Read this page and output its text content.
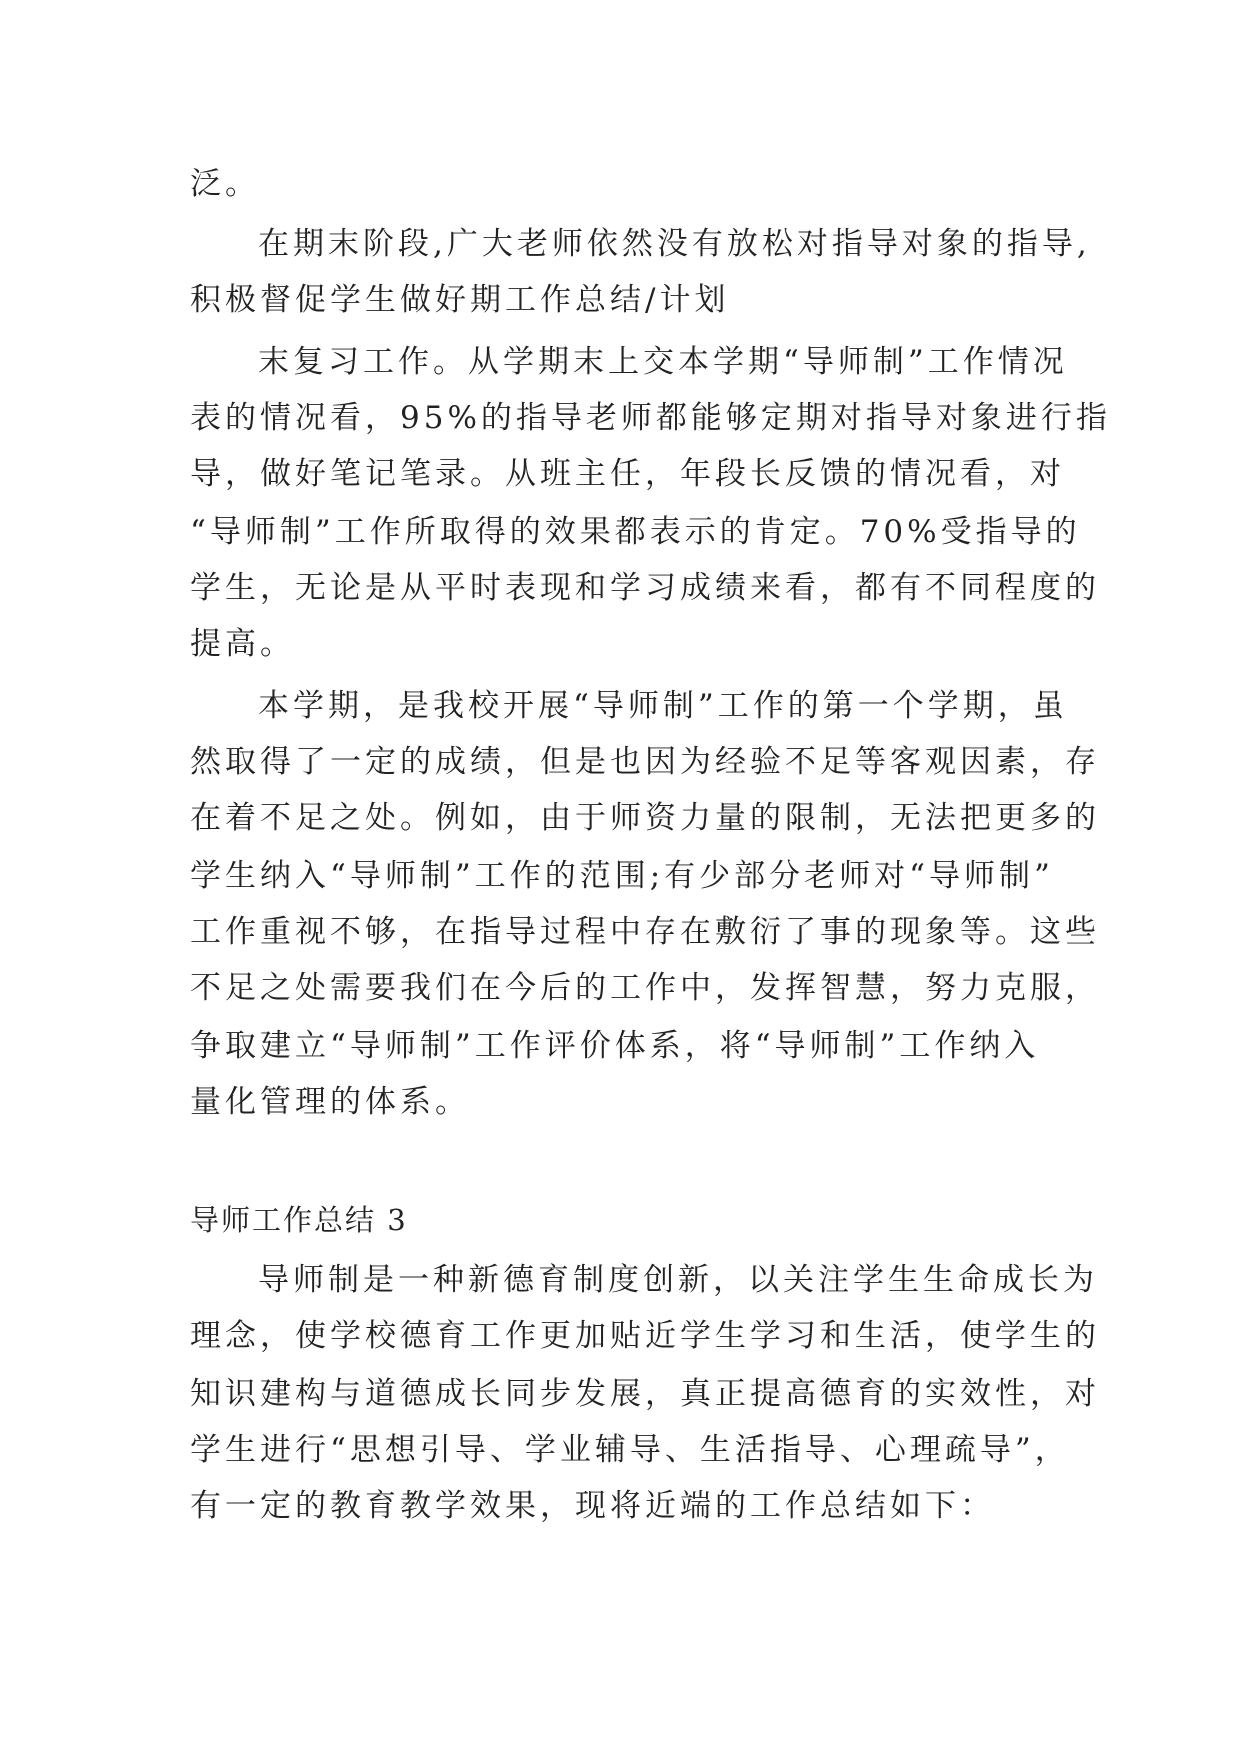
泛。
在期末阶段,广大老师依然没有放松对指导对象的指导,
积极督促学生做好期工作总结/计划
末复习工作。从学期末上交本学期“导师制”工作情况
表的情况看，95%的指导老师都能够定期对指导对象进行指
导，做好笔记笔录。从班主任，年段长反馈的情况看，对
“导师制”工作所取得的效果都表示的肯定。70%受指导的
学生，无论是从平时表现和学习成绩来看，都有不同程度的
提高。
本学期，是我校开展“导师制”工作的第一个学期，虽
然取得了一定的成绩，但是也因为经验不足等客观因素，存
在着不足之处。例如，由于师资力量的限制，无法把更多的
学生纳入“导师制”工作的范围;有少部分老师对“导师制”
工作重视不够，在指导过程中存在敷衍了事的现象等。这些
不足之处需要我们在今后的工作中，发挥智慧，努力克服，
争取建立“导师制”工作评价体系，将“导师制”工作纳入
量化管理的体系。
导师工作总结 3
导师制是一种新德育制度创新，以关注学生生命成长为
理念，使学校德育工作更加贴近学生学习和生活，使学生的
知识建构与道德成长同步发展，真正提高德育的实效性，对
学生进行“思想引导、学业辅导、生活指导、心理疏导”，
有一定的教育教学效果，现将近端的工作总结如下：
